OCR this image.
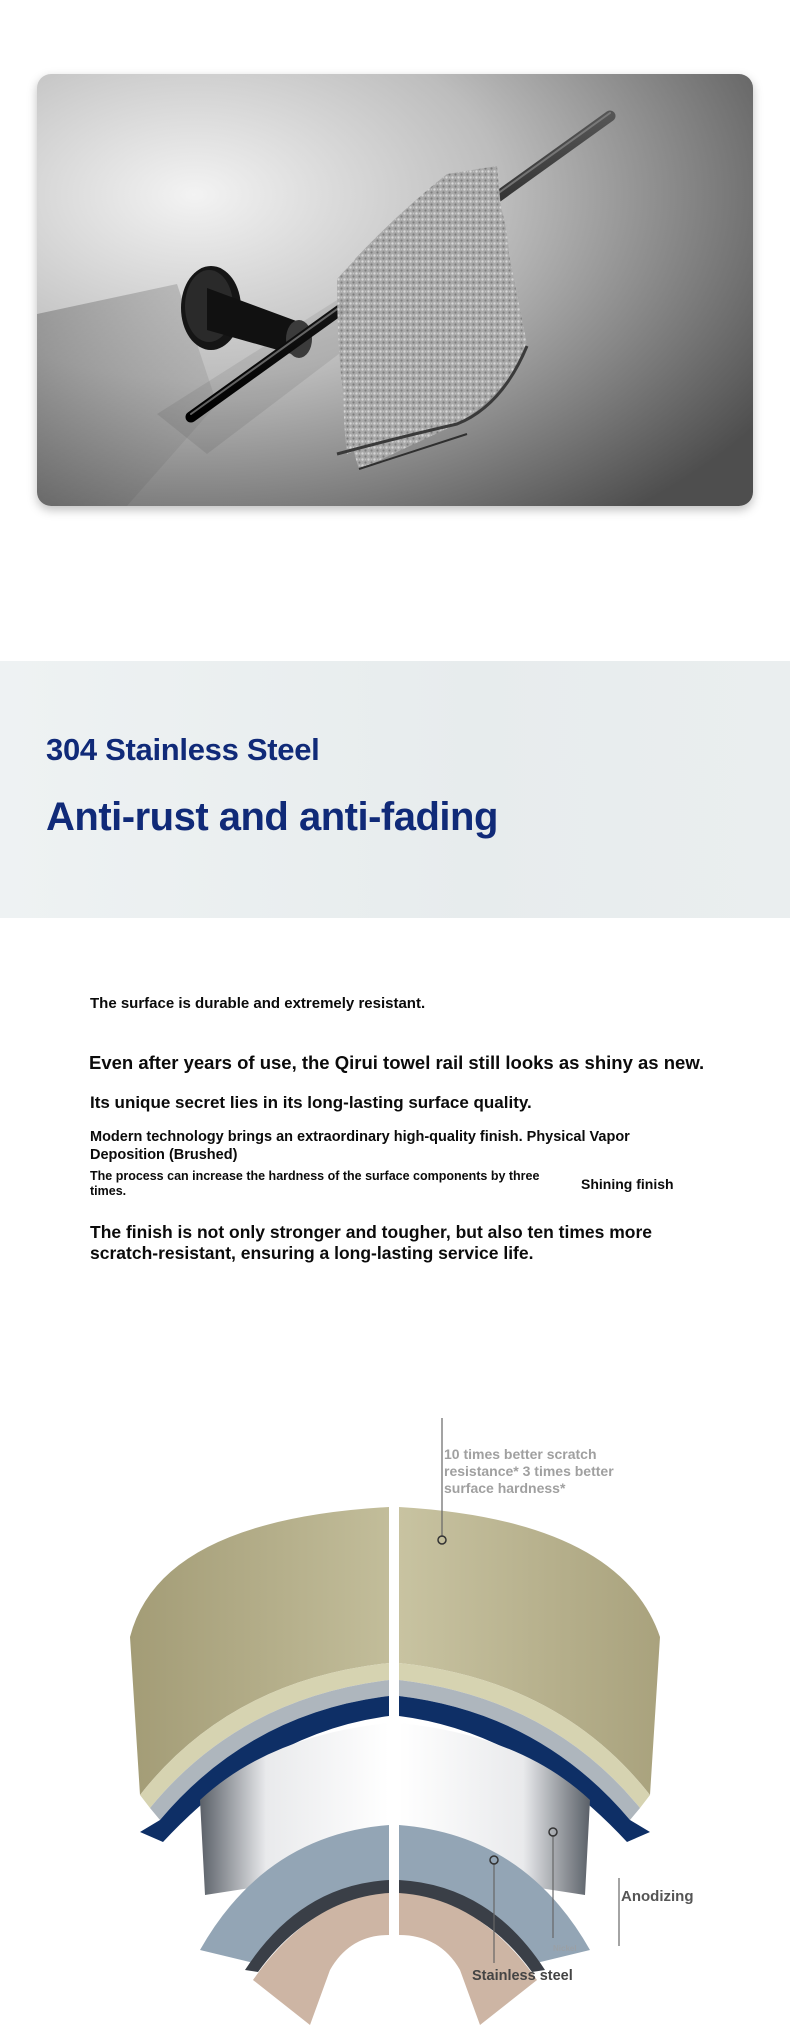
304 Stainless Steel
Anti-rust and anti-fading
The surface is durable and extremely resistant.
Even after years of use, the Qirui towel rail still looks as shiny as new.
Its unique secret lies in its long-lasting surface quality.
Modern technology brings an extraordinary high-quality finish. Physical Vapor Deposition (Brushed)
The process can increase the hardness of the surface components by three times.	Shining finish
The finish is not only stronger and tougher, but also ten times more scratch-resistant, ensuring a long-lasting service life.
10 times better scratch resistance* 3 times better surface hardness*
Anodizing
Nickel
Stainless steel
